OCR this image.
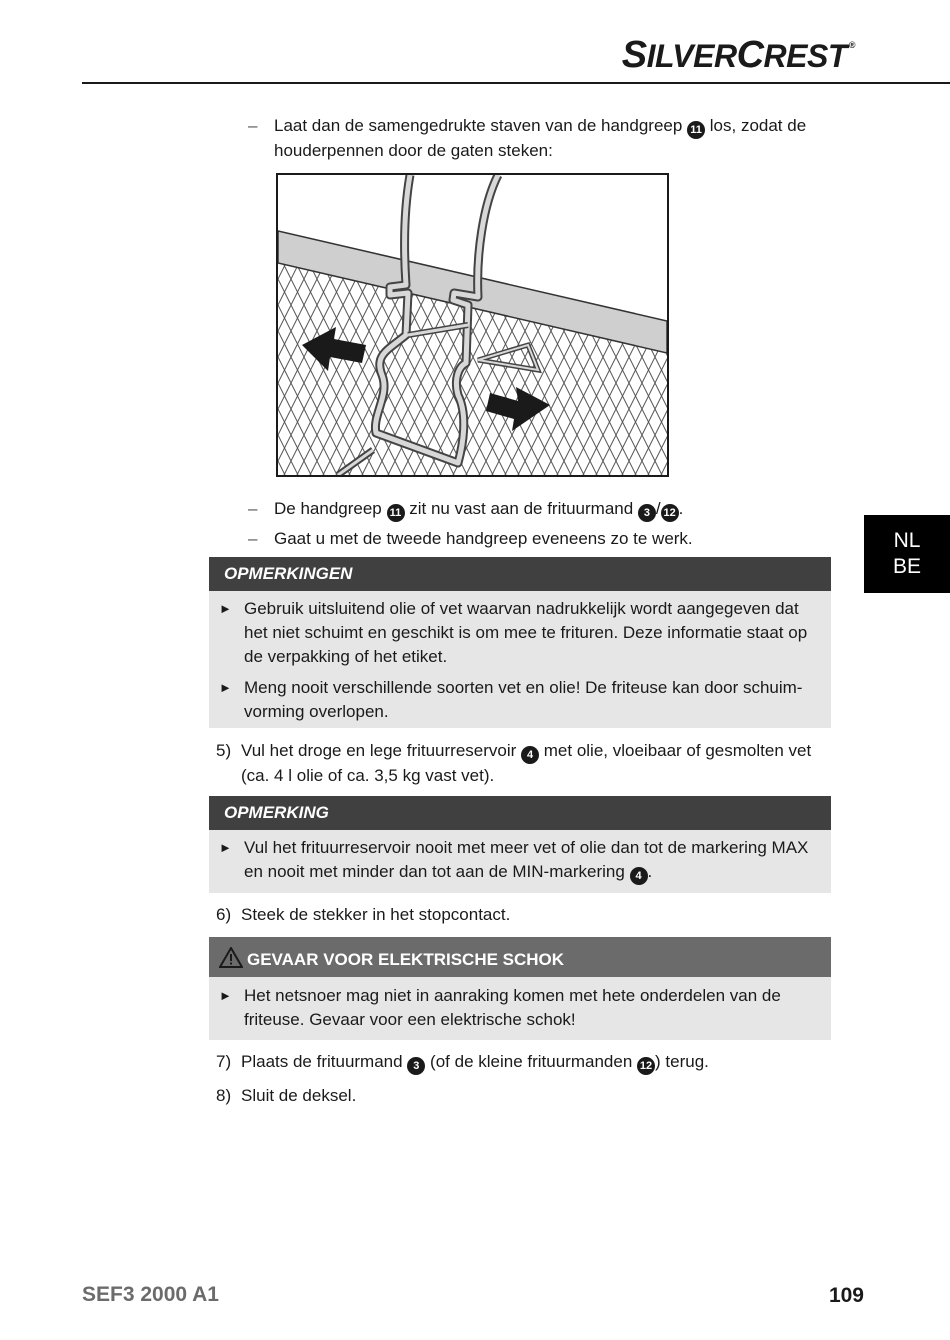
SILVERCREST ®
– Laat dan de samengedrukte staven van de handgreep 11 los, zodat de houderpennen door de gaten steken:
– De handgreep 11 zit nu vast aan de frituurmand 3 / 12 .
– Gaat u met de tweede handgreep eveneens zo te werk.
OPMERKINGEN
► Gebruik uitsluitend olie of vet waarvan nadrukkelijk wordt aangegeven dat het niet schuimt en geschikt is om mee te frituren. Deze informatie staat op de verpakking of het etiket.
► Meng nooit verschillende soorten vet en olie! De friteuse kan door schuim- vorming overlopen.
5) Vul het droge en lege frituurreservoir 4 met olie, vloeibaar of gesmolten vet (ca. 4 l olie of ca. 3,5 kg vast vet).
OPMERKING
► Vul het frituurreservoir nooit met meer vet of olie dan tot de markering MAX en nooit met minder dan tot aan de MIN-markering 4 .
6) Steek de stekker in het stopcontact.
GEVAAR VOOR ELEKTRISCHE SCHOK
► Het netsnoer mag niet in aanraking komen met hete onderdelen van de friteuse. Gevaar voor een elektrische schok!
7) Plaats de frituurmand 3 (of de kleine frituurmanden 12 ) terug.
8) Sluit de deksel.
NL
BE
SEF3 2000 A1	109
